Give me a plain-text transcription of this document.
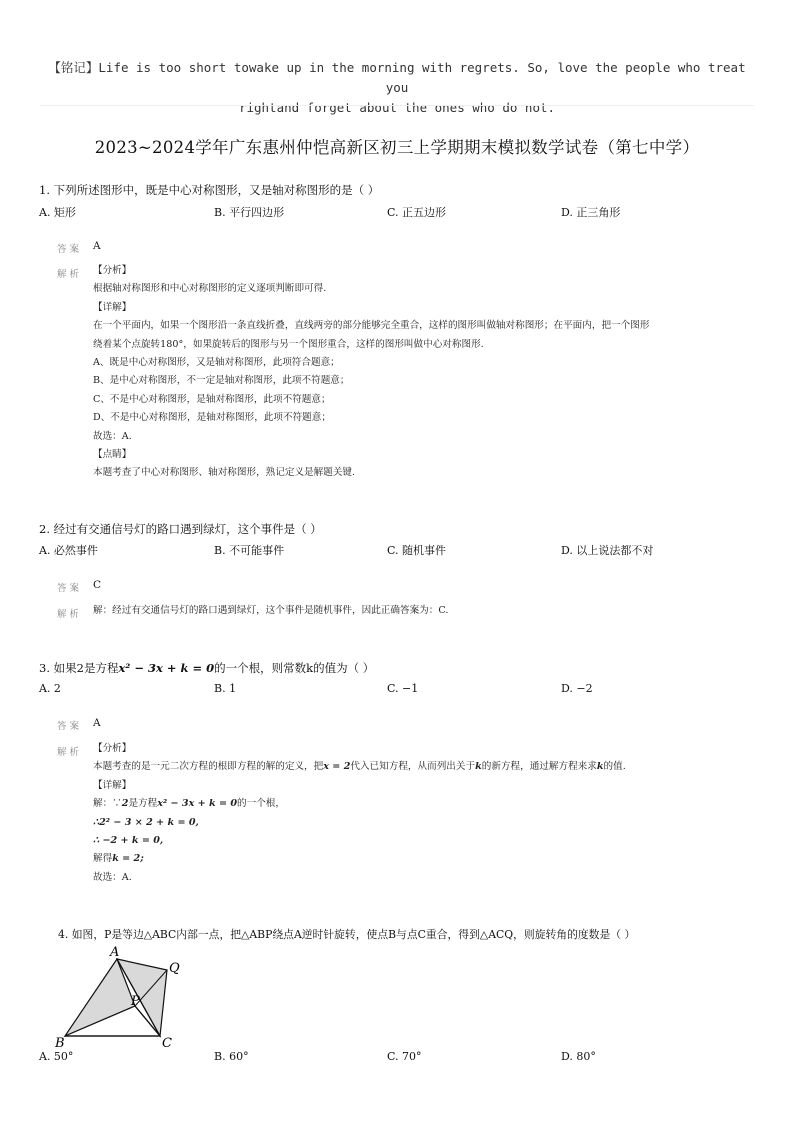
【铭记】Life is too short towake up in the morning with regrets. So, love the people who treat you
rightand forget about the ones who do not.
2023~2024学年广东惠州仲恺高新区初三上学期期末模拟数学试卷（第七中学）
1. 下列所述图形中，既是中心对称图形，又是轴对称图形的是（ ）
A. 矩形	B. 平行四边形	C. 正五边形	D. 正三角形
答 案 A
解 析 【分析】
根据轴对称图形和中心对称图形的定义逐项判断即可得.
【详解】
在一个平面内，如果一个图形沿一条直线折叠，直线两旁的部分能够完全重合，这样的图形叫做轴对称图形；在平面内，把一个图形
绕着某个点旋转180°，如果旋转后的图形与另一个图形重合，这样的图形叫做中心对称图形.
A、既是中心对称图形，又是轴对称图形，此项符合题意；
B、是中心对称图形，不一定是轴对称图形，此项不符题意；
C、不是中心对称图形，是轴对称图形，此项不符题意；
D、不是中心对称图形，是轴对称图形，此项不符题意；
故选：A.
【点睛】
本题考查了中心对称图形、轴对称图形，熟记定义是解题关键.
2. 经过有交通信号灯的路口遇到绿灯，这个事件是（ ）
A. 必然事件	B. 不可能事件	C. 随机事件	D. 以上说法都不对
答 案 C
解 析 解：经过有交通信号灯的路口遇到绿灯，这个事件是随机事件，因此正确答案为：C.
3. 如果2是方程x² − 3x + k = 0的一个根，则常数k的值为（ ）
A. 2	B. 1	C. −1	D. −2
答 案 A
解 析 【分析】
本题考查的是一元二次方程的根即方程的解的定义，把x = 2代入已知方程，从而列出关于k的新方程，通过解方程来求k的值.
【详解】
解：∵2是方程x² − 3x + k = 0的一个根，
∴2² − 3 × 2 + k = 0,
∴ −2 + k = 0,
解得k = 2;
故选：A.
4. 如图，P是等边△ABC内部一点，把△ABP绕点A逆时针旋转，使点B与点C重合，得到△ACQ，则旋转角的度数是（ ）
A
Q
P
B	C
A. 50°	B. 60°	C. 70°	D. 80°
